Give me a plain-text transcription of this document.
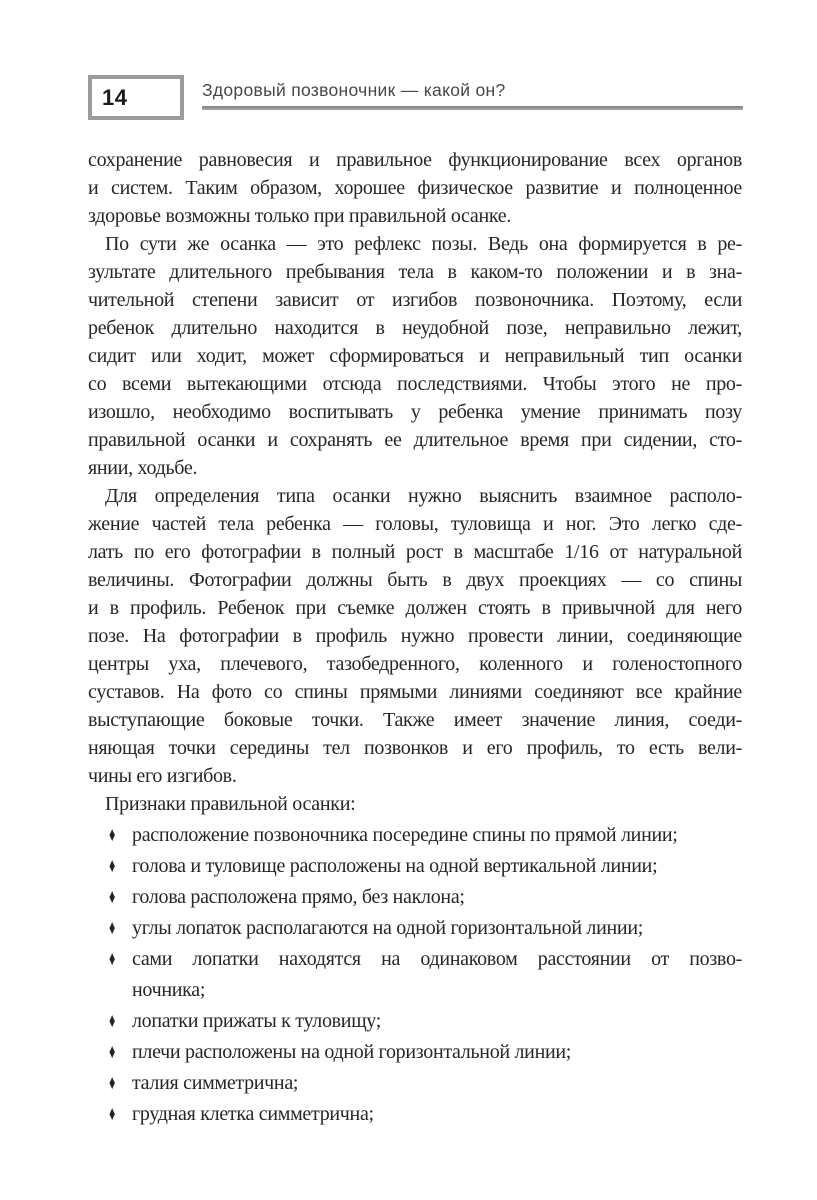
14	Здоровый позвоночник — какой он?
сохранение равновесия и правильное функционирование всех органов
и систем. Таким образом, хорошее физическое развитие и полноценное
здоровье возможны только при правильной осанке.
По сути же осанка — это рефлекс позы. Ведь она формируется в ре-
зультате длительного пребывания тела в каком-то положении и в зна-
чительной степени зависит от изгибов позвоночника. Поэтому, если
ребенок длительно находится в неудобной позе, неправильно лежит,
сидит или ходит, может сформироваться и неправильный тип осанки
со всеми вытекающими отсюда последствиями. Чтобы этого не про-
изошло, необходимо воспитывать у ребенка умение принимать позу
правильной осанки и сохранять ее длительное время при сидении, сто-
янии, ходьбе.
Для определения типа осанки нужно выяснить взаимное располо-
жение частей тела ребенка — головы, туловища и ног. Это легко сде-
лать по его фотографии в полный рост в масштабе 1/16 от натуральной
величины. Фотографии должны быть в двух проекциях — со спины
и в профиль. Ребенок при съемке должен стоять в привычной для него
позе. На фотографии в профиль нужно провести линии, соединяющие
центры уха, плечевого, тазобедренного, коленного и голеностопного
суставов. На фото со спины прямыми линиями соединяют все крайние
выступающие боковые точки. Также имеет значение линия, соеди-
няющая точки середины тел позвонков и его профиль, то есть вели-
чины его изгибов.
Признаки правильной осанки:
♦ расположение позвоночника посередине спины по прямой линии;
♦ голова и туловище расположены на одной вертикальной линии;
♦ голова расположена прямо, без наклона;
♦ углы лопаток располагаются на одной горизонтальной линии;
♦ сами лопатки находятся на одинаковом расстоянии от позво-
ночника;
♦ лопатки прижаты к туловищу;
♦ плечи расположены на одной горизонтальной линии;
♦ талия симметрична;
♦ грудная клетка симметрична;
